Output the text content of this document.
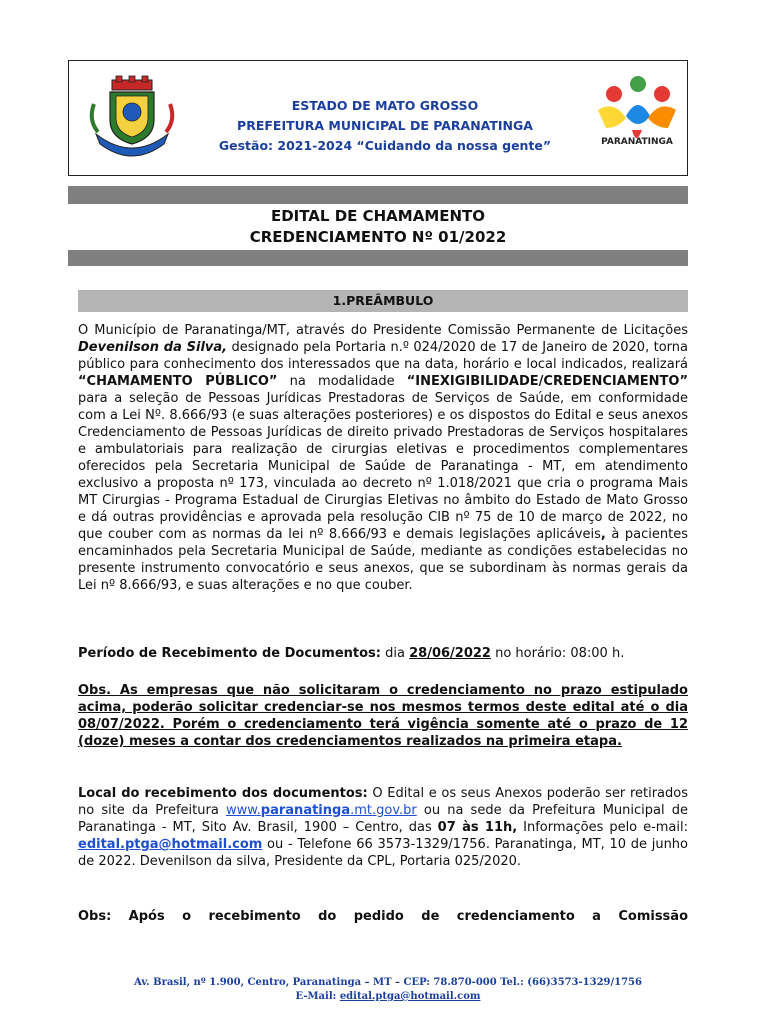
ESTADO DE MATO GROSSO
PREFEITURA MUNICIPAL DE PARANATINGA
Gestão: 2021-2024 “Cuidando da nossa gente”	PARANATINGA
EDITAL DE CHAMAMENTO
CREDENCIAMENTO Nº 01/2022
1.PREÂMBULO

O Município de Paranatinga/MT, através do Presidente Comissão Permanente de Licitações Devenilson da Silva, designado pela Portaria n.º 024/2020 de 17 de Janeiro de 2020, torna público para conhecimento dos interessados que na data, horário e local indicados, realizará “CHAMAMENTO PÚBLICO” na modalidade “INEXIGIBILIDADE/CREDENCIAMENTO” para a seleção de Pessoas Jurídicas Prestadoras de Serviços de Saúde, em conformidade com a Lei Nº. 8.666/93 (e suas alterações posteriores) e os dispostos do Edital e seus anexos Credenciamento de Pessoas Jurídicas de direito privado Prestadoras de Serviços hospitalares e ambulatoriais para realização de cirurgias eletivas e procedimentos complementares oferecidos pela Secretaria Municipal de Saúde de Paranatinga - MT, em atendimento exclusivo a proposta nº 173, vinculada ao decreto nº 1.018/2021 que cria o programa Mais MT Cirurgias - Programa Estadual de Cirurgias Eletivas no âmbito do Estado de Mato Grosso e dá outras providências e aprovada pela resolução CIB nº 75 de 10 de março de 2022, no que couber com as normas da lei nº 8.666/93 e demais legislações aplicáveis, à pacientes encaminhados pela Secretaria Municipal de Saúde, mediante as condições estabelecidas no presente instrumento convocatório e seus anexos, que se subordinam às normas gerais da Lei nº 8.666/93, e suas alterações e no que couber.

Período de Recebimento de Documentos: dia 28/06/2022 no horário: 08:00 h.

Obs. As empresas que não solicitaram o credenciamento no prazo estipulado acima, poderão solicitar credenciar-se nos mesmos termos deste edital até o dia 08/07/2022. Porém o credenciamento terá vigência somente até o prazo de 12 (doze) meses a contar dos credenciamentos realizados na primeira etapa.

Local do recebimento dos documentos: O Edital e os seus Anexos poderão ser retirados no site da Prefeitura www.paranatinga.mt.gov.br ou na sede da Prefeitura Municipal de Paranatinga - MT, Sito Av. Brasil, 1900 – Centro, das 07 às 11h, Informações pelo e-mail: edital.ptga@hotmail.com ou - Telefone 66 3573-1329/1756. Paranatinga, MT, 10 de junho de 2022. Devenilson da silva, Presidente da CPL, Portaria 025/2020.

Obs: Após o recebimento do pedido de credenciamento a Comissão

Av. Brasil, nº 1.900, Centro, Paranatinga – MT – CEP: 78.870-000 Tel.: (66)3573-1329/1756
E-Mail: edital.ptga@hotmail.com
